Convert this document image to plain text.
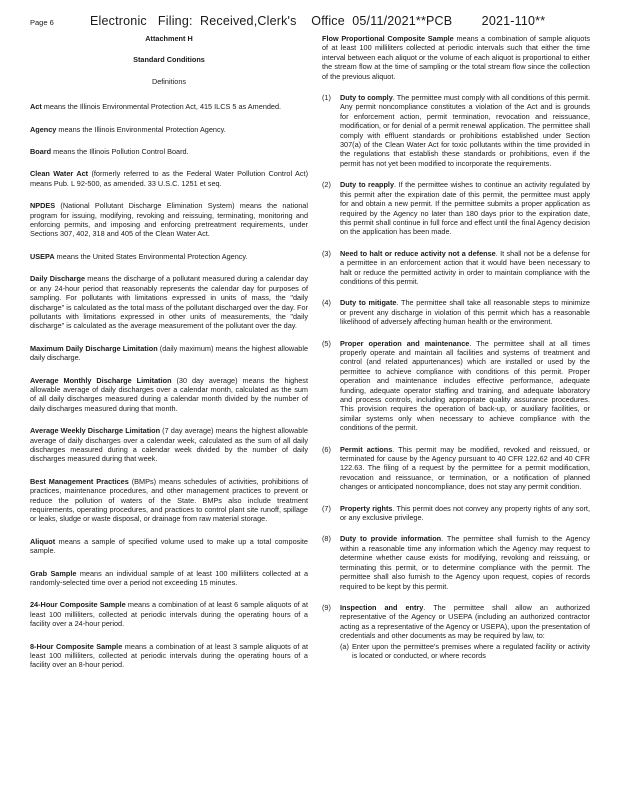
Page 6	Electronic   Filing:  Received,Clerk's    Office  05/11/2021**PCB        2021-110**
Attachment H
Standard Conditions
Definitions
Act means the Illinois Environmental Protection Act, 415 ILCS 5 as Amended.
Agency means the Illinois Environmental Protection Agency.
Board means the Illinois Pollution Control Board.
Clean Water Act (formerly referred to as the Federal Water Pollution Control Act) means Pub. L 92-500, as amended. 33 U.S.C. 1251 et seq.
NPDES (National Pollutant Discharge Elimination System) means the national program for issuing, modifying, revoking and reissuing, terminating, monitoring and enforcing permits, and imposing and enforcing pretreatment requirements, under Sections 307, 402, 318 and 405 of the Clean Water Act.
USEPA means the United States Environmental Protection Agency.
Daily Discharge means the discharge of a pollutant measured during a calendar day or any 24-hour period that reasonably represents the calendar day for purposes of sampling. For pollutants with limitations expressed in units of mass, the "daily discharge" is calculated as the total mass of the pollutant discharged over the day. For pollutants with limitations expressed in other units of measurements, the "daily discharge" is calculated as the average measurement of the pollutant over the day.
Maximum Daily Discharge Limitation (daily maximum) means the highest allowable daily discharge.
Average Monthly Discharge Limitation (30 day average) means the highest allowable average of daily discharges over a calendar month, calculated as the sum of all daily discharges measured during a calendar month divided by the number of daily discharges measured during that month.
Average Weekly Discharge Limitation (7 day average) means the highest allowable average of daily discharges over a calendar week, calculated as the sum of all daily discharges measured during a calendar week divided by the number of daily discharges measured during that week.
Best Management Practices (BMPs) means schedules of activities, prohibitions of practices, maintenance procedures, and other management practices to prevent or reduce the pollution of waters of the State. BMPs also include treatment requirements, operating procedures, and practices to control plant site runoff, spillage or leaks, sludge or waste disposal, or drainage from raw material storage.
Aliquot means a sample of specified volume used to make up a total composite sample.
Grab Sample means an individual sample of at least 100 milliliters collected at a randomly-selected time over a period not exceeding 15 minutes.
24-Hour Composite Sample means a combination of at least 6 sample aliquots of at least 100 milliliters, collected at periodic intervals during the operating hours of a facility over a 24-hour period.
8-Hour Composite Sample means a combination of at least 3 sample aliquots of at least 100 milliliters, collected at periodic intervals during the operating hours of a facility over an 8-hour period.
Flow Proportional Composite Sample means a combination of sample aliquots of at least 100 milliliters collected at periodic intervals such that either the time interval between each aliquot or the volume of each aliquot is proportional to either the stream flow at the time of sampling or the total stream flow since the collection of the previous aliquot.
(1)	Duty to comply. The permittee must comply with all conditions of this permit. Any permit noncompliance constitutes a violation of the Act and is grounds for enforcement action, permit termination, revocation and reissuance, modification, or for denial of a permit renewal application. The permittee shall comply with effluent standards or prohibitions established under Section 307(a) of the Clean Water Act for toxic pollutants within the time provided in the regulations that establish these standards or prohibitions, even if the permit has not yet been modified to incorporate the requirements.
(2)	Duty to reapply. If the permittee wishes to continue an activity regulated by this permit after the expiration date of this permit, the permittee must apply for and obtain a new permit. If the permittee submits a proper application as required by the Agency no later than 180 days prior to the expiration date, this permit shall continue in full force and effect until the final Agency decision on the application has been made.
(3)	Need to halt or reduce activity not a defense. It shall not be a defense for a permittee in an enforcement action that it would have been necessary to halt or reduce the permitted activity in order to maintain compliance with the conditions of this permit.
(4)	Duty to mitigate. The permittee shall take all reasonable steps to minimize or prevent any discharge in violation of this permit which has a reasonable likelihood of adversely affecting human health or the environment.
(5)	Proper operation and maintenance. The permittee shall at all times properly operate and maintain all facilities and systems of treatment and control (and related appurtenances) which are installed or used by the permittee to achieve compliance with conditions of this permit. Proper operation and maintenance includes effective performance, adequate funding, adequate operator staffing and training, and adequate laboratory and process controls, including appropriate quality assurance procedures. This provision requires the operation of back-up, or auxiliary facilities, or similar systems only when necessary to achieve compliance with the conditions of the permit.
(6)	Permit actions. This permit may be modified, revoked and reissued, or terminated for cause by the Agency pursuant to 40 CFR 122.62 and 40 CFR 122.63. The filing of a request by the permittee for a permit modification, revocation and reissuance, or termination, or a notification of planned changes or anticipated noncompliance, does not stay any permit condition.
(7)	Property rights. This permit does not convey any property rights of any sort, or any exclusive privilege.
(8)	Duty to provide information. The permittee shall furnish to the Agency within a reasonable time any information which the Agency may request to determine whether cause exists for modifying, revoking and reissuing, or terminating this permit, or to determine compliance with the permit. The permittee shall also furnish to the Agency upon request, copies of records required to be kept by this permit.
(9)	Inspection and entry. The permittee shall allow an authorized representative of the Agency or USEPA (including an authorized contractor acting as a representative of the Agency or USEPA), upon the presentation of credentials and other documents as may be required by law, to:
(a) Enter upon the permittee's premises where a regulated facility or activity is located or conducted, or where records
